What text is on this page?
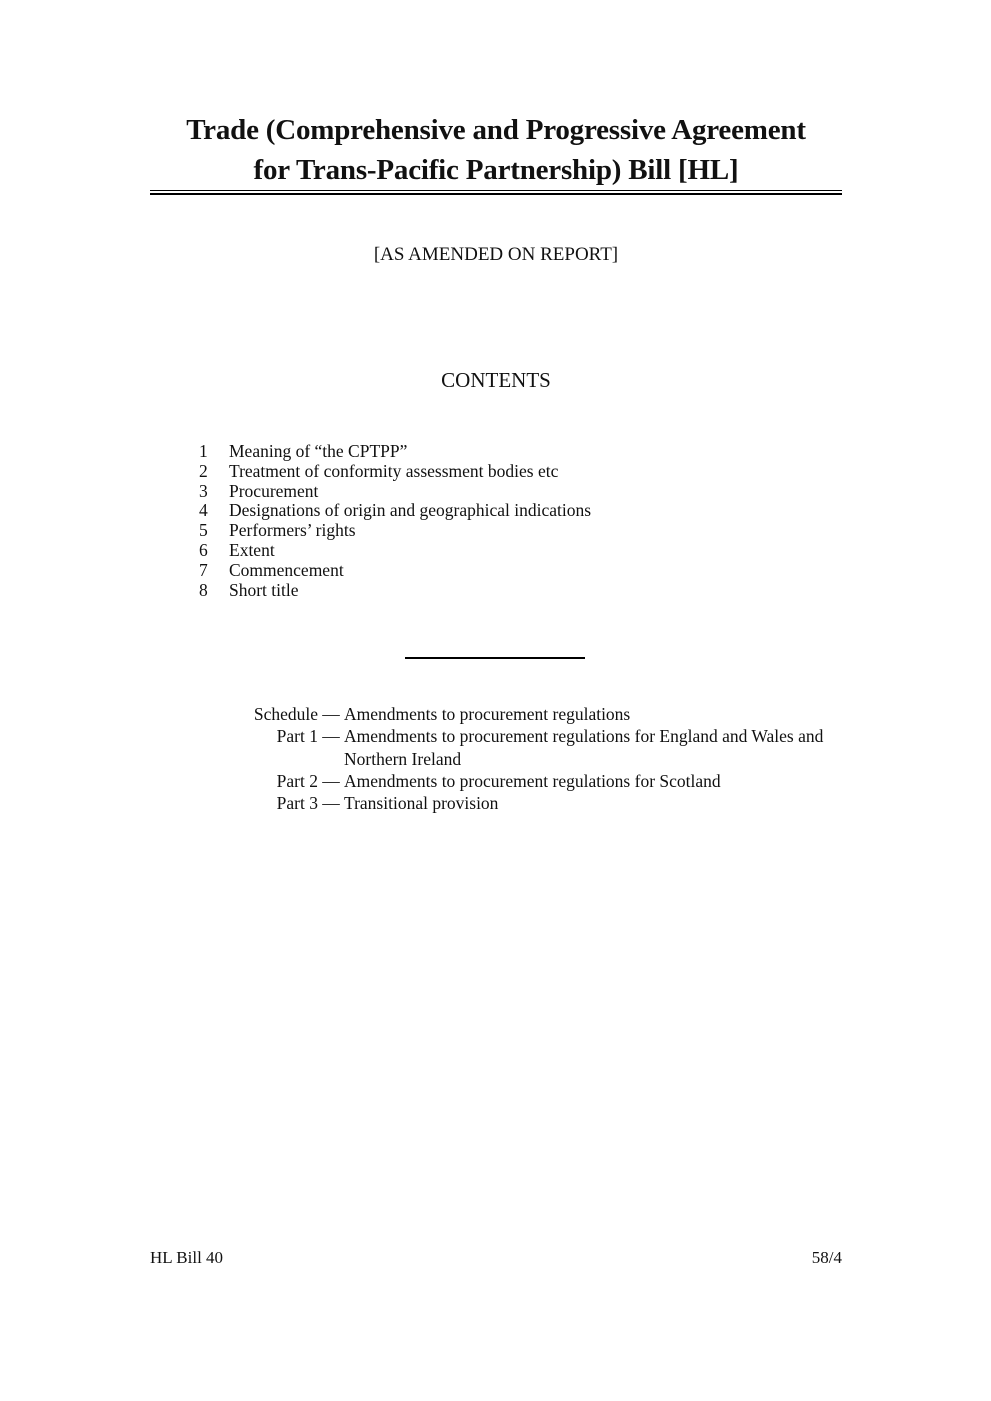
Trade (Comprehensive and Progressive Agreement
for Trans-Pacific Partnership) Bill [HL]
[AS AMENDED ON REPORT]
CONTENTS
1	Meaning of “the CPTPP”
2	Treatment of conformity assessment bodies etc
3	Procurement
4	Designations of origin and geographical indications
5	Performers’ rights
6	Extent
7	Commencement
8	Short title
Schedule — Amendments to procurement regulations
Part 1 — Amendments to procurement regulations for England and Wales and Northern Ireland
Part 2 — Amendments to procurement regulations for Scotland
Part 3 — Transitional provision
HL Bill 40	58/4
